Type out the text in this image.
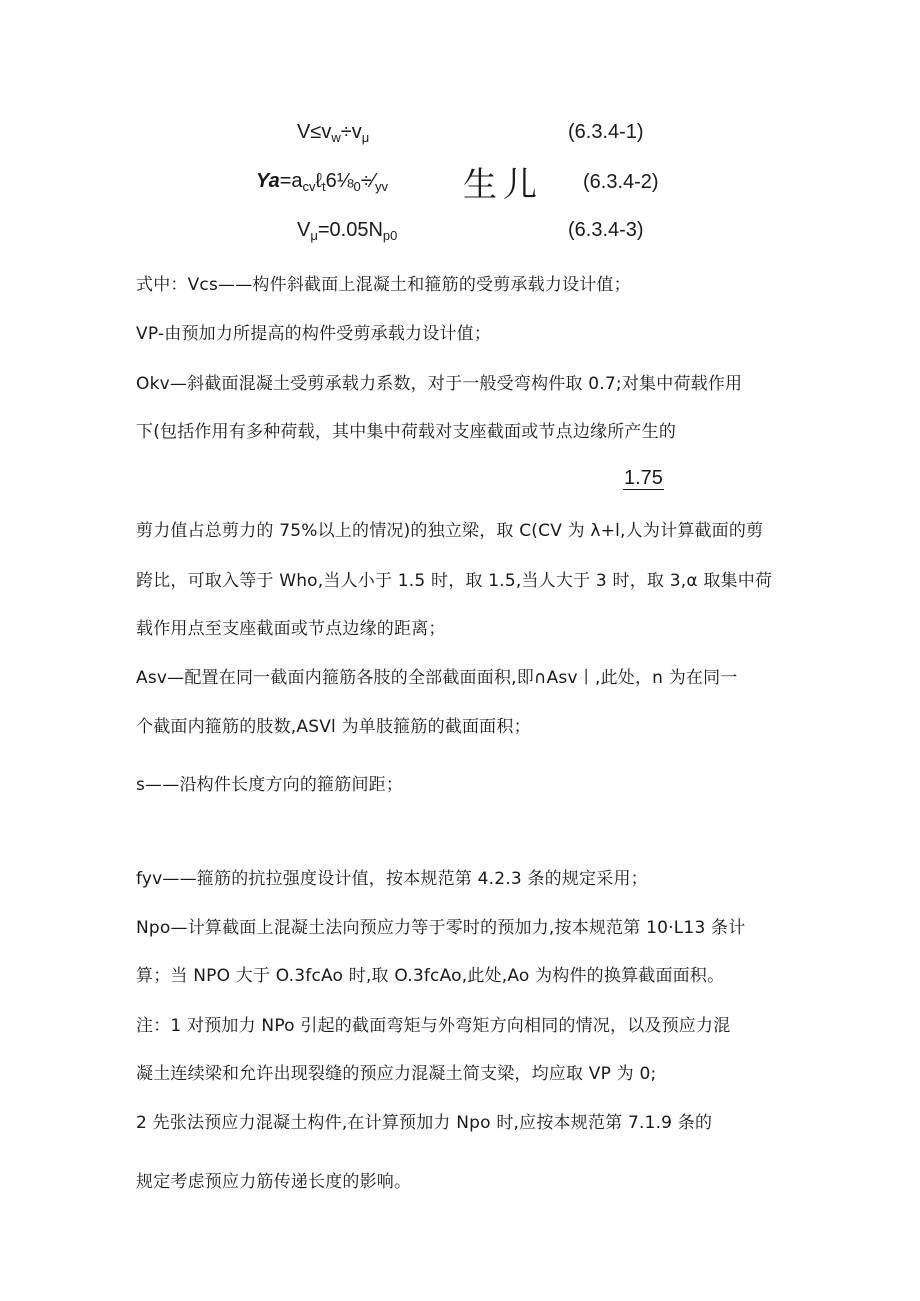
$V\le v_w\div v_\mu$	(6.3.4-1)
$Ya=a_{cv}\ell_t6\frac{1}{8}_0\div⁄_{yv}$ 生儿 (6.3.4-2)
$V_\mu=0.05N_{p0}$	(6.3.4-3)
式中：Vcs——构件斜截面上混凝土和箍筋的受剪承载力设计值；
VP-由预加力所提高的构件受剪承载力设计值；
Okv—斜截面混凝土受剪承载力系数，对于一般受弯构件取 0.7;对集中荷载作用
下(包括作用有多种荷载，其中集中荷载对支座截面或节点边缘所产生的
1.75
剪力值占总剪力的 75%以上的情况)的独立梁，取 C(CV 为 λ+l,人为计算截面的剪
跨比，可取入等于 Who,当人小于 1.5 时，取 1.5,当人大于 3 时，取 3,α 取集中荷
载作用点至支座截面或节点边缘的距离；
Asv—配置在同一截面内箍筋各肢的全部截面面积,即∩Asv丨,此处，n 为在同一
个截面内箍筋的肢数,ASVl 为单肢箍筋的截面面积；
s——沿构件长度方向的箍筋间距；
fyv——箍筋的抗拉强度设计值，按本规范第 4.2.3 条的规定采用；
Npo—计算截面上混凝土法向预应力等于零时的预加力,按本规范第 10·L13 条计
算；当 NPO 大于 O.3fcAo 时,取 O.3fcAo,此处,Ao 为构件的换算截面面积。
注：1 对预加力 NPo 引起的截面弯矩与外弯矩方向相同的情况，以及预应力混
凝土连续梁和允许出现裂缝的预应力混凝土简支梁，均应取 VP 为 0;
2 先张法预应力混凝土构件,在计算预加力 Npo 时,应按本规范第 7.1.9 条的
规定考虑预应力筋传递长度的影响。
